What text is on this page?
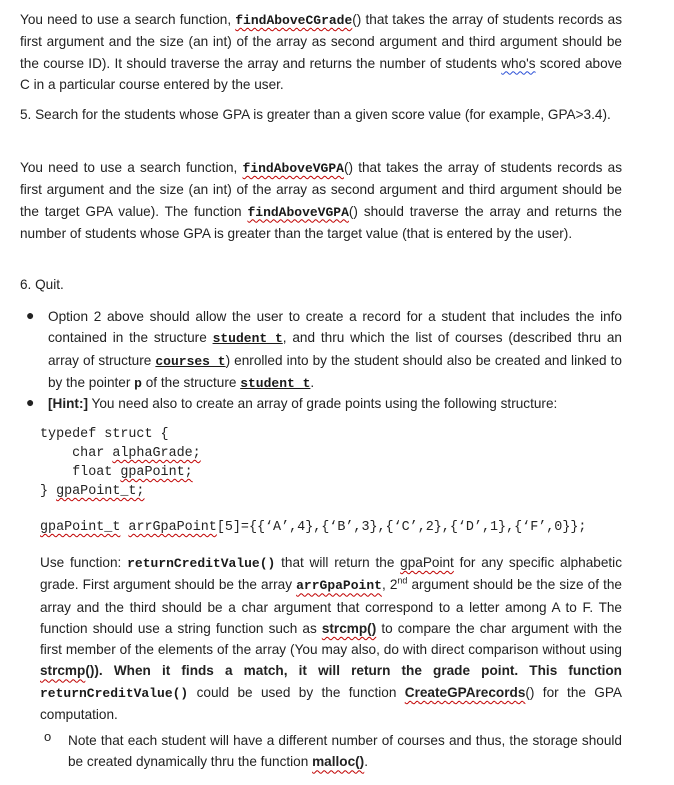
You need to use a search function, findAboveCGrade() that takes the array of students records as first argument and the size (an int) of the array as second argument and third argument should be the course ID). It should traverse the array and returns the number of students who's scored above C in a particular course entered by the user.

5. Search for the students whose GPA is greater than a given score value (for example, GPA>3.4).

You need to use a search function, findAboveVGPA() that takes the array of students records as first argument and the size (an int) of the array as second argument and third argument should be the target GPA value). The function findAboveVGPA() should traverse the array and returns the number of students whose GPA is greater than the target value (that is entered by the user).

6. Quit.

● Option 2 above should allow the user to create a record for a student that includes the info contained in the structure student_t, and thru which the list of courses (described thru an array of structure courses_t) enrolled into by the student should also be created and linked to by the pointer p of the structure student_t.

● [Hint:] You need also to create an array of grade points using the following structure:

typedef struct {
char alphaGrade;
float gpaPoint;
} gpaPoint_t;
gpaPoint_t arrGpaPoint[5]={{‘A’,4},{‘B’,3},{‘C’,2},{‘D’,1},{‘F’,0}};

Use function: returnCreditValue() that will return the gpaPoint for any specific alphabetic grade. First argument should be the array arrGpaPoint, 2nd argument should be the size of the array and the third should be a char argument that correspond to a letter among A to F. The function should use a string function such as strcmp() to compare the char argument with the first member of the elements of the array (You may also, do with direct comparison without using strcmp()). When it finds a match, it will return the grade point. This function returnCreditValue() could be used by the function CreateGPArecords() for the GPA computation.

o Note that each student will have a different number of courses and thus, the storage should be created dynamically thru the function malloc().
